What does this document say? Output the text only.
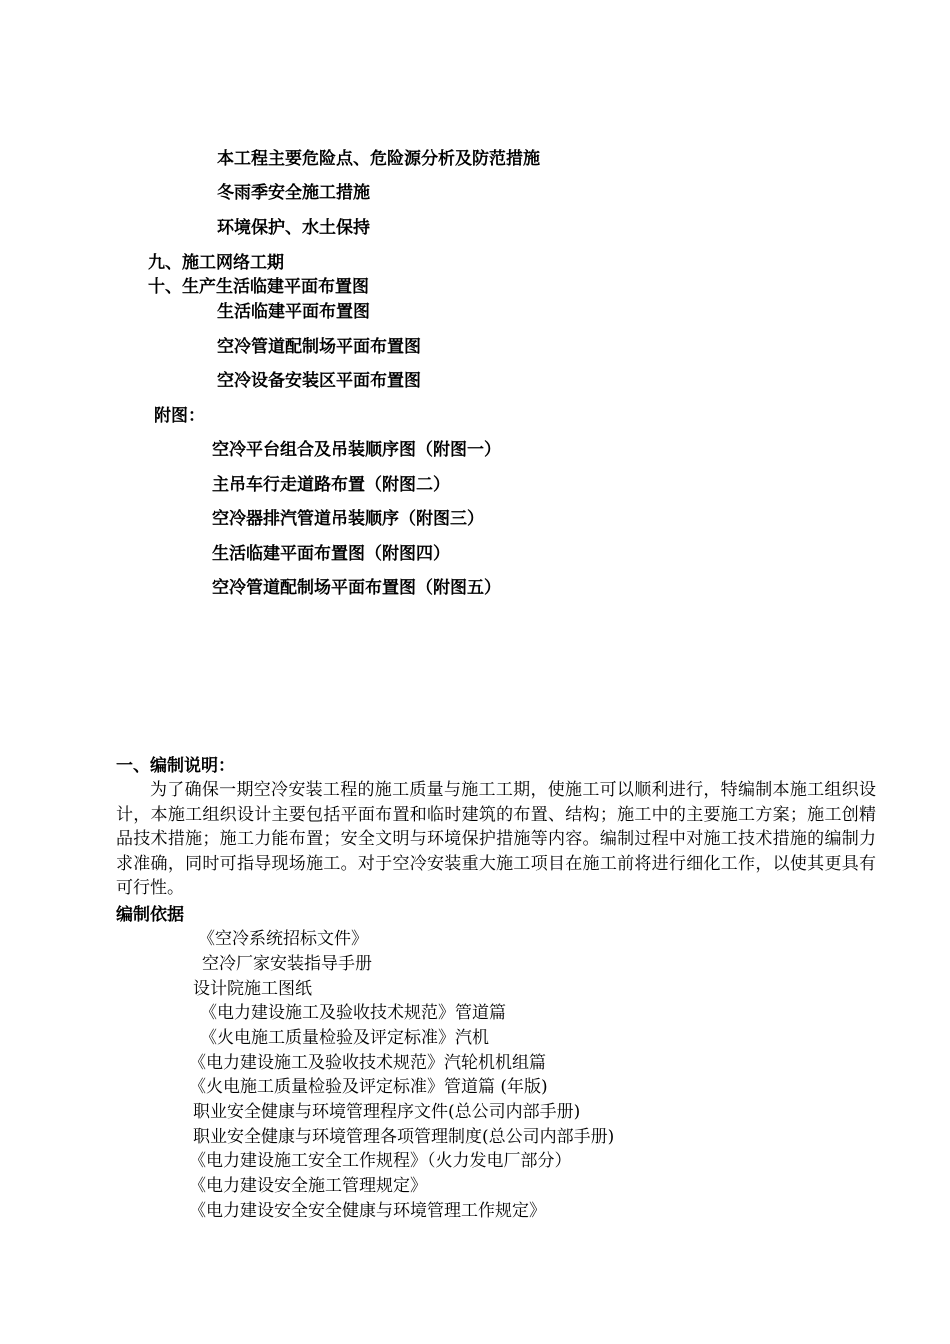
本工程主要危险点、危险源分析及防范措施
冬雨季安全施工措施
环境保护、水土保持
九、施工网络工期
十、生产生活临建平面布置图
生活临建平面布置图
空冷管道配制场平面布置图
空冷设备安装区平面布置图
附图：
空冷平台组合及吊装顺序图（附图一）
主吊车行走道路布置（附图二）
空冷器排汽管道吊装顺序（附图三）
生活临建平面布置图（附图四）
空冷管道配制场平面布置图（附图五）
一、编制说明：
为了确保一期空冷安装工程的施工质量与施工工期，使施工可以顺利进行，特编制本施工组织设计，本施工组织设计主要包括平面布置和临时建筑的布置、结构；施工中的主要施工方案；施工创精品技术措施；施工力能布置；安全文明与环境保护措施等内容。编制过程中对施工技术措施的编制力求准确，同时可指导现场施工。对于空冷安装重大施工项目在施工前将进行细化工作，以使其更具有可行性。
编制依据
《空冷系统招标文件》
空冷厂家安装指导手册
设计院施工图纸
《电力建设施工及验收技术规范》管道篇
《火电施工质量检验及评定标准》汽机
《电力建设施工及验收技术规范》汽轮机机组篇
《火电施工质量检验及评定标准》管道篇 (年版)
职业安全健康与环境管理程序文件(总公司内部手册)
职业安全健康与环境管理各项管理制度(总公司内部手册)
《电力建设施工安全工作规程》（火力发电厂部分）
《电力建设安全施工管理规定》
《电力建设安全安全健康与环境管理工作规定》
